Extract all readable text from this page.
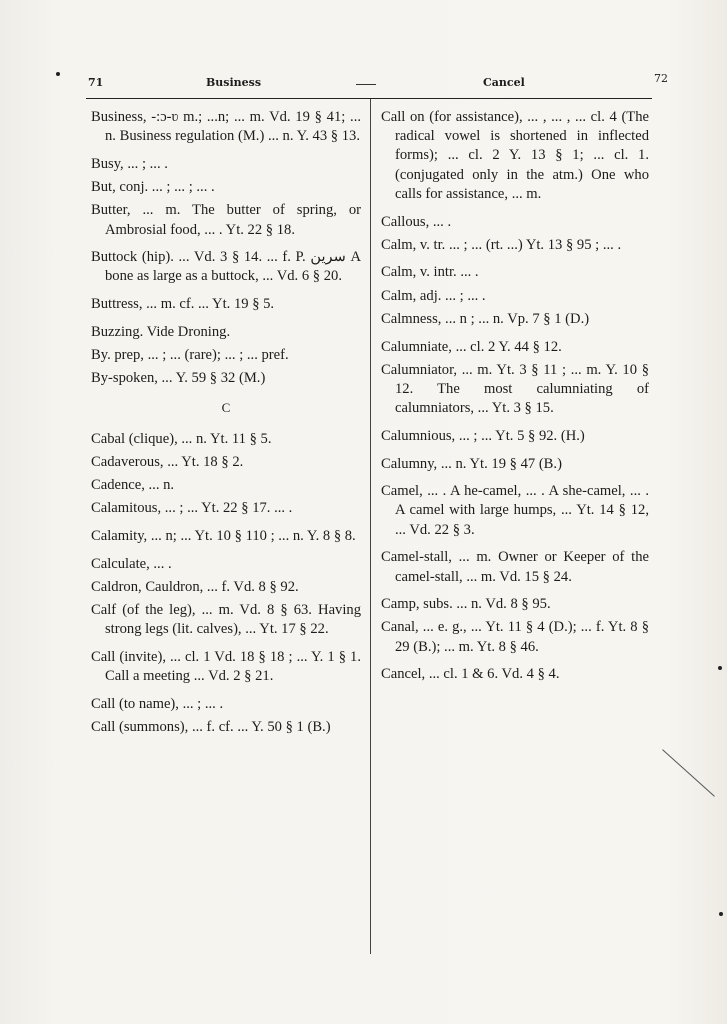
71	Business	Cancel	72

Business, -:ɔ-ʋ m.; ...n; ... m. Vd. 19 § 41; ... n. Business regulation (M.) ... n. Y. 43 § 13.

Busy, ... ; ... .

But, conj. ... ; ... ; ... .

Butter, ... m. The butter of spring, or Ambrosial food, ... . Yt. 22 § 18.

Buttock (hip). ... Vd. 3 § 14. ... f. P. سرين A bone as large as a buttock, ... Vd. 6 § 20.

Buttress, ... m. cf. ... Yt. 19 § 5.

Buzzing. Vide Droning.

By. prep, ... ; ... (rare); ... ; ... pref.

By-spoken, ... Y. 59 § 32 (M.)

C

Cabal (clique), ... n. Yt. 11 § 5.

Cadaverous, ... Yt. 18 § 2.

Cadence, ... n.

Calamitous, ... ; ... Yt. 22 § 17. ... .

Calamity, ... n; ... Yt. 10 § 110 ; ... n. Y. 8 § 8.

Calculate, ... .

Caldron, Cauldron, ... f. Vd. 8 § 92.

Calf (of the leg), ... m. Vd. 8 § 63. Having strong legs (lit. calves), ... Yt. 17 § 22.

Call (invite), ... cl. 1 Vd. 18 § 18 ; ... Y. 1 § 1. Call a meeting ... Vd. 2 § 21.

Call (to name), ... ; ... .

Call (summons), ... f. cf. ... Y. 50 § 1 (B.)

Call on (for assistance), ... , ... , ... cl. 4 (The radical vowel is shortened in inflected forms); ... cl. 2 Y. 13 § 1; ... cl. 1. (conjugated only in the atm.) One who calls for assistance, ... m.

Callous, ... .

Calm, v. tr. ... ; ... (rt. ...) Yt. 13 § 95 ; ... .

Calm, v. intr. ... .

Calm, adj. ... ; ... .

Calmness, ... n ; ... n. Vp. 7 § 1 (D.)

Calumniate, ... cl. 2 Y. 44 § 12.

Calumniator, ... m. Yt. 3 § 11 ; ... m. Y. 10 § 12. The most calumniating of calumniators, ... Yt. 3 § 15.

Calumnious, ... ; ... Yt. 5 § 92. (H.)

Calumny, ... n. Yt. 19 § 47 (B.)

Camel, ... . A he-camel, ... . A she-camel, ... . A camel with large humps, ... Yt. 14 § 12, ... Vd. 22 § 3.

Camel-stall, ... m. Owner or Keeper of the camel-stall, ... m. Vd. 15 § 24.

Camp, subs. ... n. Vd. 8 § 95.

Canal, ... e. g., ... Yt. 11 § 4 (D.); ... f. Yt. 8 § 29 (B.); ... m. Yt. 8 § 46.

Cancel, ... cl. 1 & 6. Vd. 4 § 4.
